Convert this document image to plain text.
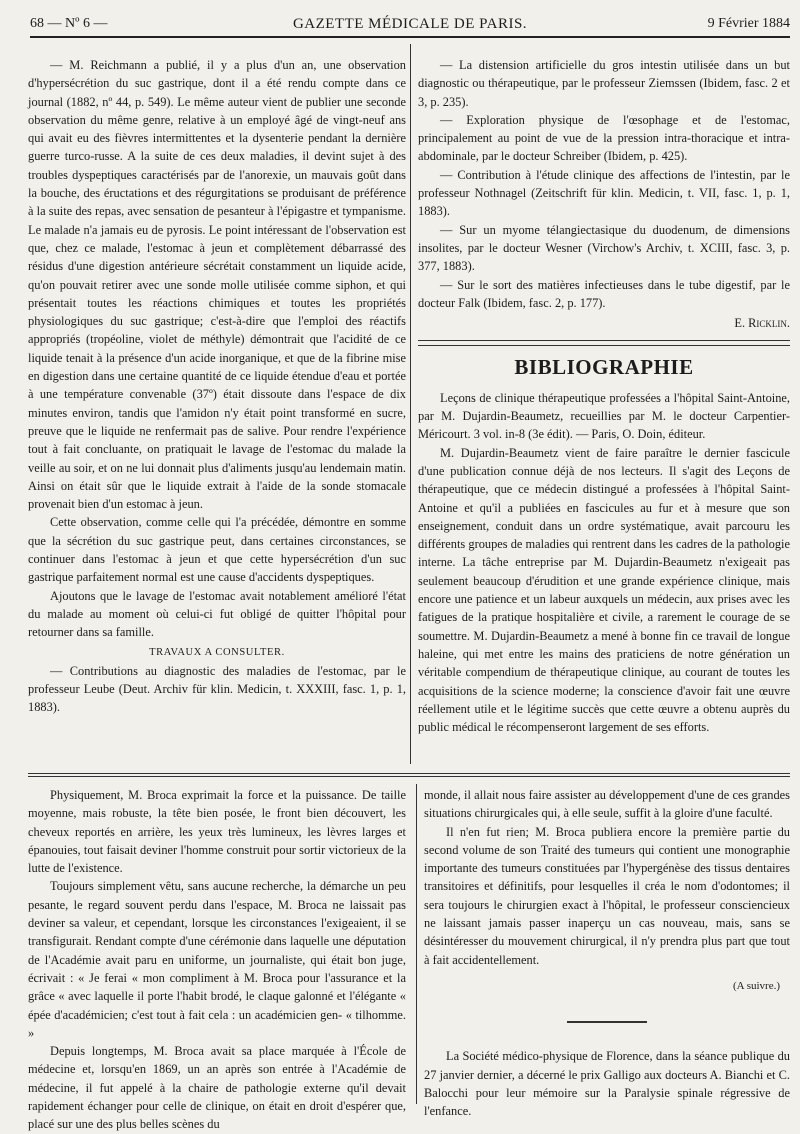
68 — Nº 6 —	GAZETTE MÉDICALE DE PARIS.	9 Février 1884

— M. Reichmann a publié, il y a plus d'un an, une observation d'hypersécrétion du suc gastrique, dont il a été rendu compte dans ce journal (1882, nº 44, p. 549). Le même auteur vient de publier une seconde observation du même genre, relative à un employé âgé de vingt-neuf ans qui avait eu des fièvres intermittentes et la dysenterie pendant la dernière guerre turco-russe. A la suite de ces deux maladies, il devint sujet à des troubles dyspeptiques caractérisés par de l'anorexie, un mauvais goût dans la bouche, des éructations et des régurgitations se produisant de préférence à la suite des repas, avec sensation de pesanteur à l'épigastre et tympanisme. Le malade n'a jamais eu de pyrosis. Le point intéressant de l'observation est que, chez ce malade, l'estomac à jeun et complètement débarrassé des résidus d'une digestion antérieure sécrétait constamment un liquide acide, qu'on pouvait retirer avec une sonde molle utilisée comme siphon, et qui présentait toutes les réactions chimiques et toutes les propriétés physiologiques du suc gastrique; c'est-à-dire que l'emploi des réactifs appropriés (tropéoline, violet de méthyle) démontrait que l'acidité de ce liquide tenait à la présence d'un acide inorganique, et que de la fibrine mise en digestion dans une certaine quantité de ce liquide étendue d'eau et portée à une température convenable (37º) était dissoute dans l'espace de dix minutes environ, tandis que l'amidon n'y était point transformé en sucre, preuve que le liquide ne renfermait pas de salive. Pour rendre l'expérience tout à fait concluante, on pratiquait le lavage de l'estomac du malade la veille au soir, et on ne lui donnait plus d'aliments jusqu'au lendemain matin. Ainsi on était sûr que le liquide extrait à l'aide de la sonde stomacale provenait bien d'un estomac à jeun.

Cette observation, comme celle qui l'a précédée, démontre en somme que la sécrétion du suc gastrique peut, dans certaines circonstances, se continuer dans l'estomac à jeun et que cette hypersécrétion d'un suc gastrique parfaitement normal est une cause d'accidents dyspeptiques.

Ajoutons que le lavage de l'estomac avait notablement amélioré l'état du malade au moment où celui-ci fut obligé de quitter l'hôpital pour retourner dans sa famille.

TRAVAUX A CONSULTER.

— Contributions au diagnostic des maladies de l'estomac, par le professeur Leube (Deut. Archiv für klin. Medicin, t. XXXIII, fasc. 1, p. 1, 1883).

— La distension artificielle du gros intestin utilisée dans un but diagnostic ou thérapeutique, par le professeur Ziemssen (Ibidem, fasc. 2 et 3, p. 235).

— Exploration physique de l'œsophage et de l'estomac, principalement au point de vue de la pression intra-thoracique et intra-abdominale, par le docteur Schreiber (Ibidem, p. 425).

— Contribution à l'étude clinique des affections de l'intestin, par le professeur Nothnagel (Zeitschrift für klin. Medicin, t. VII, fasc. 1, p. 1, 1883).

— Sur un myome télangiectasique du duodenum, de dimensions insolites, par le docteur Wesner (Virchow's Archiv, t. XCIII, fasc. 3, p. 377, 1883).

— Sur le sort des matières infectieuses dans le tube digestif, par le docteur Falk (Ibidem, fasc. 2, p. 177).

E. Ricklin.
BIBLIOGRAPHIE

Leçons de clinique thérapeutique professées a l'hôpital Saint-Antoine, par M. Dujardin-Beaumetz, recueillies par M. le docteur Carpentier-Méricourt. 3 vol. in-8 (3e édit). — Paris, O. Doin, éditeur.

M. Dujardin-Beaumetz vient de faire paraître le dernier fascicule d'une publication connue déjà de nos lecteurs. Il s'agit des Leçons de thérapeutique, que ce médecin distingué a professées à l'hôpital Saint-Antoine et qu'il a publiées en fascicules au fur et à mesure que son enseignement, conduit dans un ordre systématique, avait parcouru les différents groupes de maladies qui rentrent dans les cadres de la pathologie interne. La tâche entreprise par M. Dujardin-Beaumetz n'exigeait pas seulement beaucoup d'érudition et une grande expérience clinique, mais encore une patience et un labeur auxquels un médecin, aux prises avec les fatigues de la pratique hospitalière et civile, a rarement le courage de se soumettre. M. Dujardin-Beaumetz a mené à bonne fin ce travail de longue haleine, qui met entre les mains des praticiens de notre génération un véritable compendium de thérapeutique clinique, au courant de toutes les acquisitions de la science moderne; la conscience d'avoir fait une œuvre réellement utile et le légitime succès que cette œuvre a obtenu auprès du public médical le récompenseront largement de ses efforts.

Physiquement, M. Broca exprimait la force et la puissance. De taille moyenne, mais robuste, la tête bien posée, le front bien découvert, les cheveux reportés en arrière, les yeux très lumineux, les lèvres larges et épanouies, tout faisait deviner l'homme construit pour sortir victorieux de la lutte de l'existence.

Toujours simplement vêtu, sans aucune recherche, la démarche un peu pesante, le regard souvent perdu dans l'espace, M. Broca ne laissait pas deviner sa valeur, et cependant, lorsque les circonstances l'exigeaient, il se transfigurait. Rendant compte d'une cérémonie dans laquelle une députation de l'Académie avait paru en uniforme, un journaliste, qui était bon juge, écrivait : « Je ferai « mon compliment à M. Broca pour l'assurance et la grâce « avec laquelle il porte l'habit brodé, le claque galonné et l'élégante « épée d'académicien; c'est tout à fait cela : un académicien gen- « tilhomme. »

Depuis longtemps, M. Broca avait sa place marquée à l'École de médecine et, lorsqu'en 1869, un an après son entrée à l'Académie de médecine, il fut appelé à la chaire de pathologie externe qu'il devait rapidement échanger pour celle de clinique, on était en droit d'espérer que, placé sur une des plus belles scènes du

monde, il allait nous faire assister au développement d'une de ces grandes situations chirurgicales qui, à elle seule, suffit à la gloire d'une faculté.

Il n'en fut rien; M. Broca publiera encore la première partie du second volume de son Traité des tumeurs qui contient une monographie importante des tumeurs constituées par l'hypergénèse des tissus dentaires transitoires et définitifs, pour lesquelles il créa le nom d'odontomes; il sera toujours le chirurgien exact à l'hôpital, le professeur consciencieux ne laissant jamais passer inaperçu un cas nouveau, mais, sans se désintéresser du mouvement chirurgical, il n'y prendra plus part que tout à fait accidentellement.

(A suivre.)

La Société médico-physique de Florence, dans la séance publique du 27 janvier dernier, a décerné le prix Galligo aux docteurs A. Bianchi et C. Balocchi pour leur mémoire sur la Paralysie spinale régressive de l'enfance.
